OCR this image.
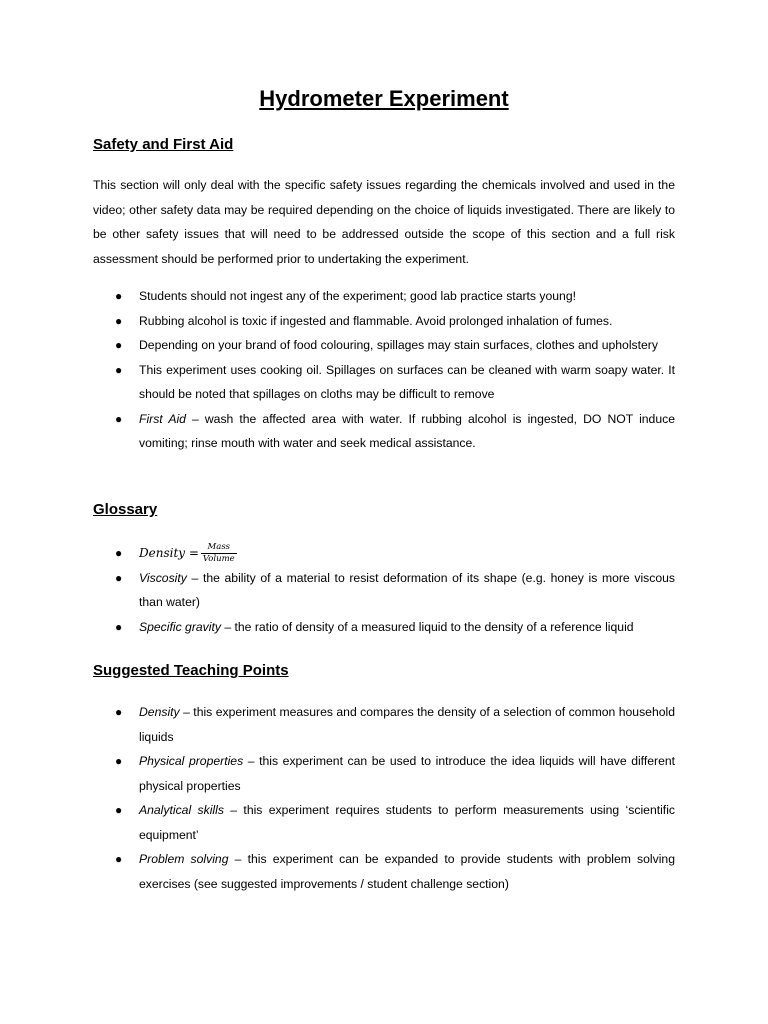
Hydrometer Experiment
Safety and First Aid

This section will only deal with the specific safety issues regarding the chemicals involved and used in the video; other safety data may be required depending on the choice of liquids investigated. There are likely to be other safety issues that will need to be addressed outside the scope of this section and a full risk assessment should be performed prior to undertaking the experiment.

● Students should not ingest any of the experiment; good lab practice starts young!
● Rubbing alcohol is toxic if ingested and flammable. Avoid prolonged inhalation of fumes.
● Depending on your brand of food colouring, spillages may stain surfaces, clothes and upholstery
● This experiment uses cooking oil. Spillages on surfaces can be cleaned with warm soapy water. It should be noted that spillages on cloths may be difficult to remove
● First Aid – wash the affected area with water. If rubbing alcohol is ingested, DO NOT induce vomiting; rinse mouth with water and seek medical assistance.
Glossary
● Density = $\frac{\text{Mass}}{\text{Volume}}$
● Viscosity – the ability of a material to resist deformation of its shape (e.g. honey is more viscous than water)
● Specific gravity – the ratio of density of a measured liquid to the density of a reference liquid
Suggested Teaching Points
● Density – this experiment measures and compares the density of a selection of common household liquids
● Physical properties – this experiment can be used to introduce the idea liquids will have different physical properties
● Analytical skills – this experiment requires students to perform measurements using ‘scientific equipment’
● Problem solving – this experiment can be expanded to provide students with problem solving exercises (see suggested improvements / student challenge section)
